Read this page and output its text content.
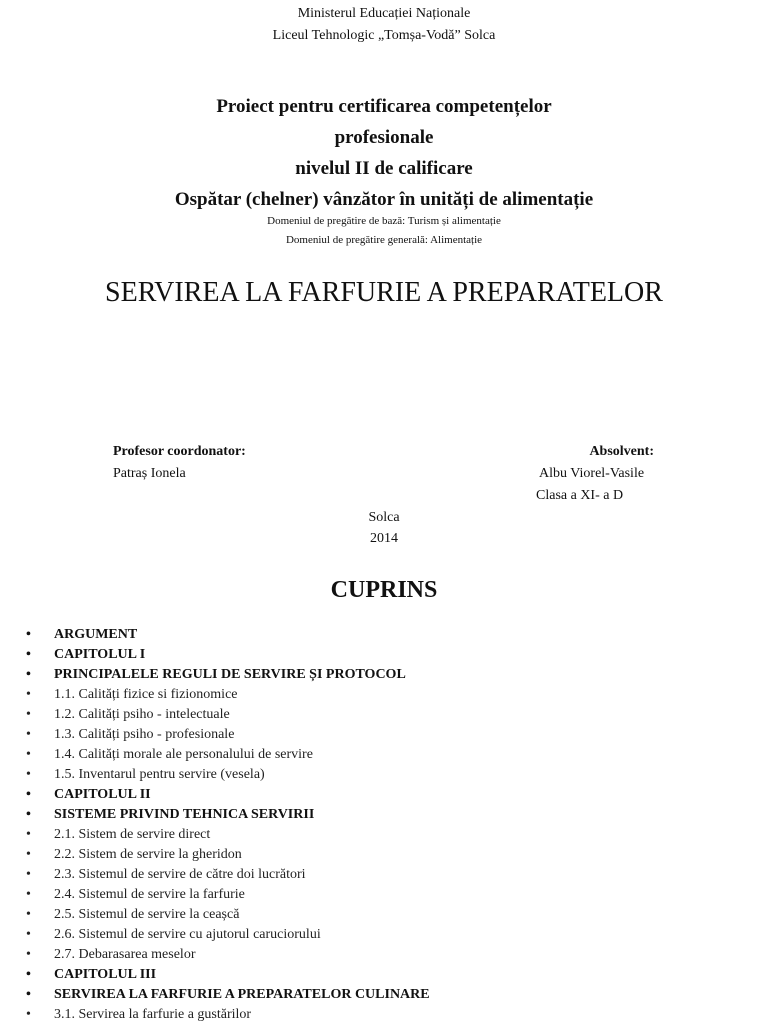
Ministerul Educației Naționale
Liceul Tehnologic „Tomșa-Vodă” Solca
Proiect pentru certificarea competențelor
profesionale
nivelul II de calificare
Ospătar (chelner) vânzător în unități de alimentație
Domeniul de pregătire de bază: Turism și alimentație
Domeniul de pregătire generală: Alimentație
SERVIREA LA FARFURIE A PREPARATELOR
Profesor coordonator:
Patraș Ionela
Absolvent:
Albu Viorel-Vasile
Clasa a XI- a D
Solca
2014
CUPRINS
•	ARGUMENT
•	CAPITOLUL I
•	PRINCIPALELE REGULI DE SERVIRE ȘI PROTOCOL
•	1.1. Calități fizice si fizionomice
•	1.2. Calități psiho - intelectuale
•	1.3. Calități psiho - profesionale
•	1.4. Calități morale ale personalului de servire
•	1.5. Inventarul pentru servire (vesela)
•	CAPITOLUL II
•	SISTEME PRIVIND TEHNICA SERVIRII
•	2.1. Sistem de servire direct
•	2.2. Sistem de servire la gheridon
•	2.3. Sistemul de servire de către doi lucrători
•	2.4. Sistemul de servire la farfurie
•	2.5. Sistemul de servire la ceașcă
•	2.6. Sistemul de servire cu ajutorul caruciorului
•	2.7. Debarasarea meselor
•	CAPITOLUL III
•	SERVIREA LA FARFURIE A PREPARATELOR CULINARE
•	3.1. Servirea la farfurie a gustărilor
